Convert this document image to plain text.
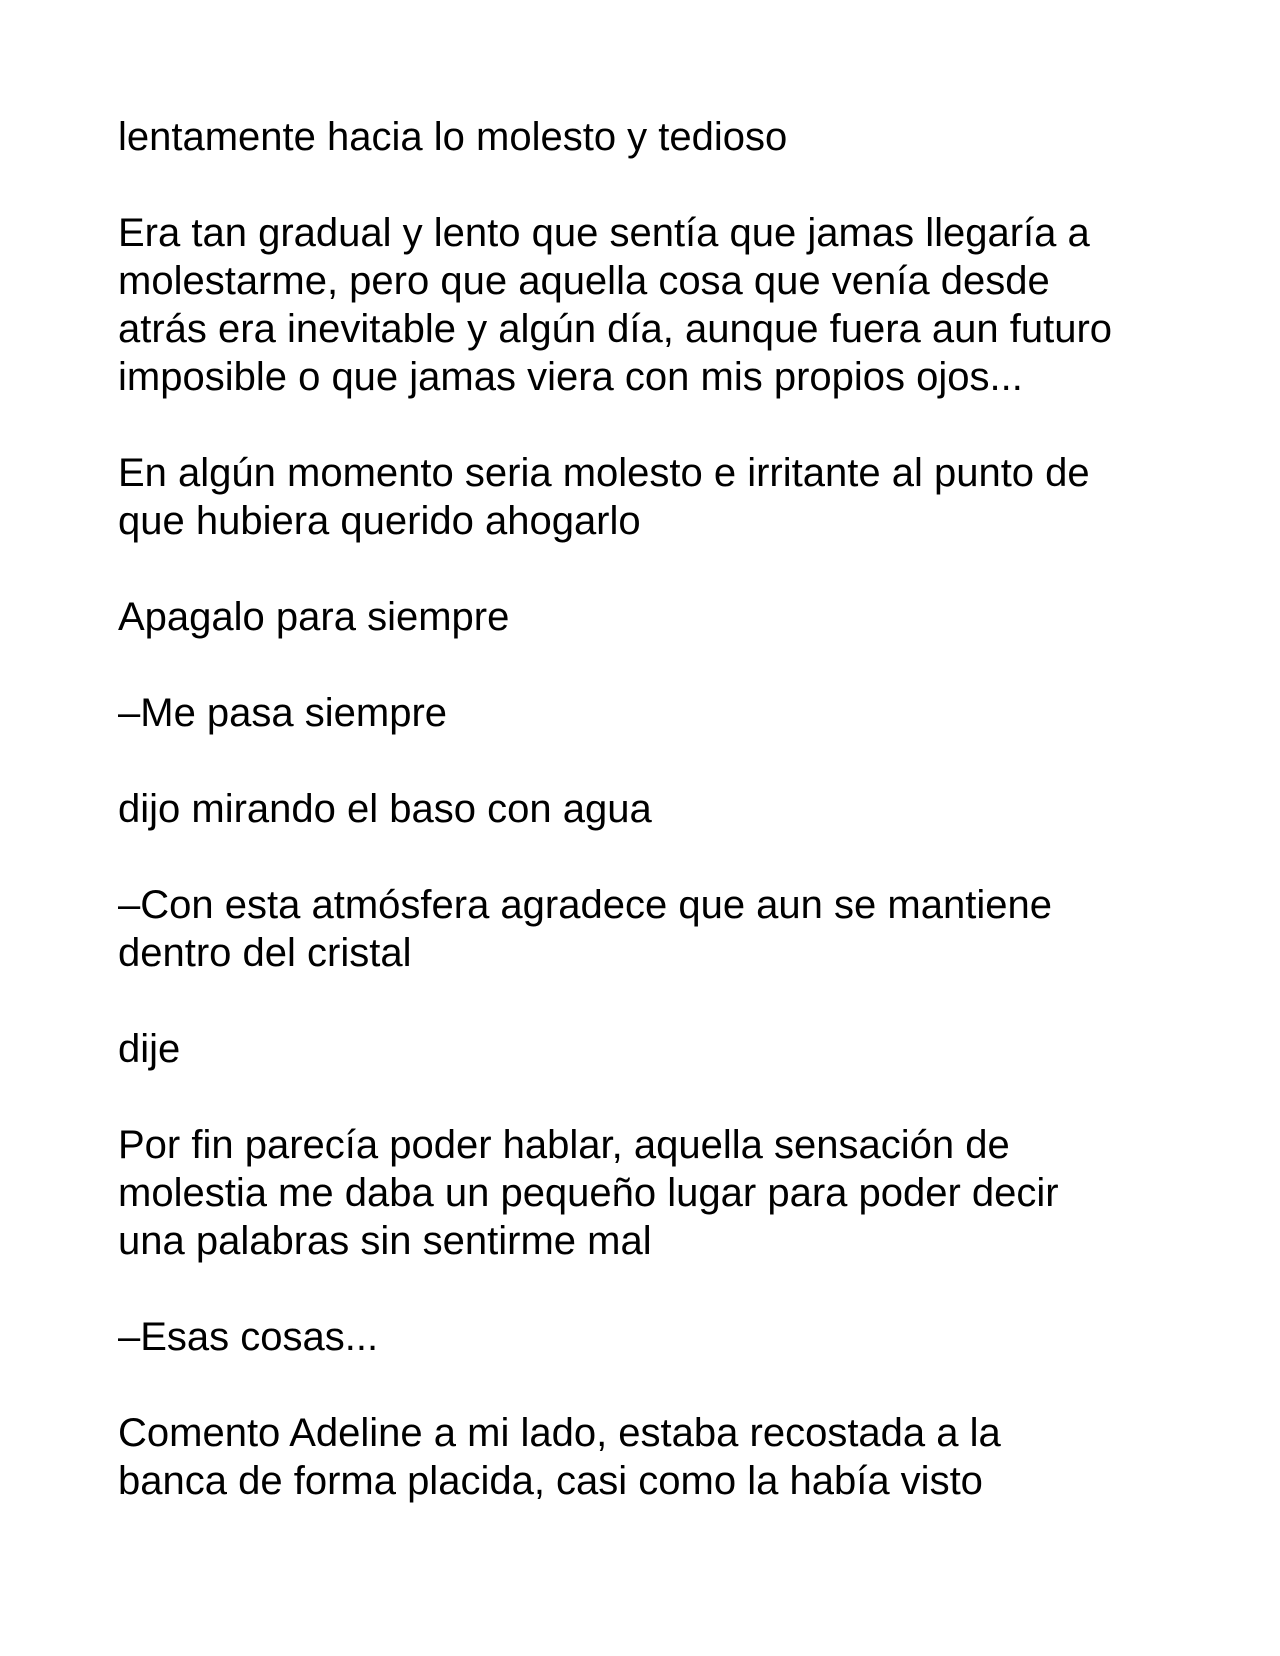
lentamente hacia lo molesto y tedioso

Era tan gradual y lento que sentía que jamas llegaría a
molestarme, pero que aquella cosa que venía desde
atrás era inevitable y algún día, aunque fuera aun futuro
imposible o que jamas viera con mis propios ojos...

En algún momento seria molesto e irritante al punto de
que hubiera querido ahogarlo

Apagalo para siempre

–Me pasa siempre

dijo mirando el baso con agua

–Con esta atmósfera agradece que aun se mantiene
dentro del cristal

dije

Por fin parecía poder hablar, aquella sensación de
molestia me daba un pequeño lugar para poder decir
una palabras sin sentirme mal

–Esas cosas...

Comento Adeline a mi lado, estaba recostada a la
banca de forma placida, casi como la había visto
